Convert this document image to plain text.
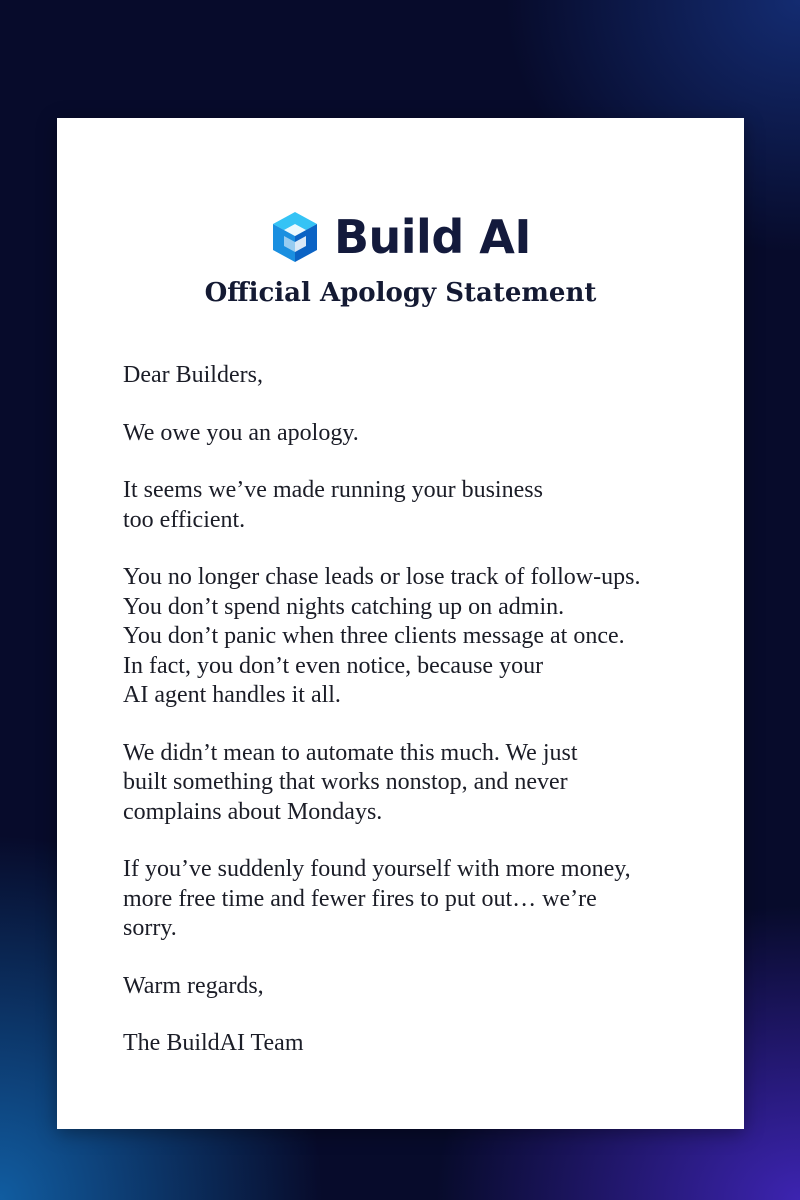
Build AI
Official Apology Statement

Dear Builders,

We owe you an apology.

It seems we’ve made running your business
too efficient.

You no longer chase leads or lose track of follow-ups.
You don’t spend nights catching up on admin.
You don’t panic when three clients message at once.
In fact, you don’t even notice, because your
AI agent handles it all.

We didn’t mean to automate this much. We just
built something that works nonstop, and never
complains about Mondays.

If you’ve suddenly found yourself with more money,
more free time and fewer fires to put out… we’re
sorry.

Warm regards,

The BuildAI Team
